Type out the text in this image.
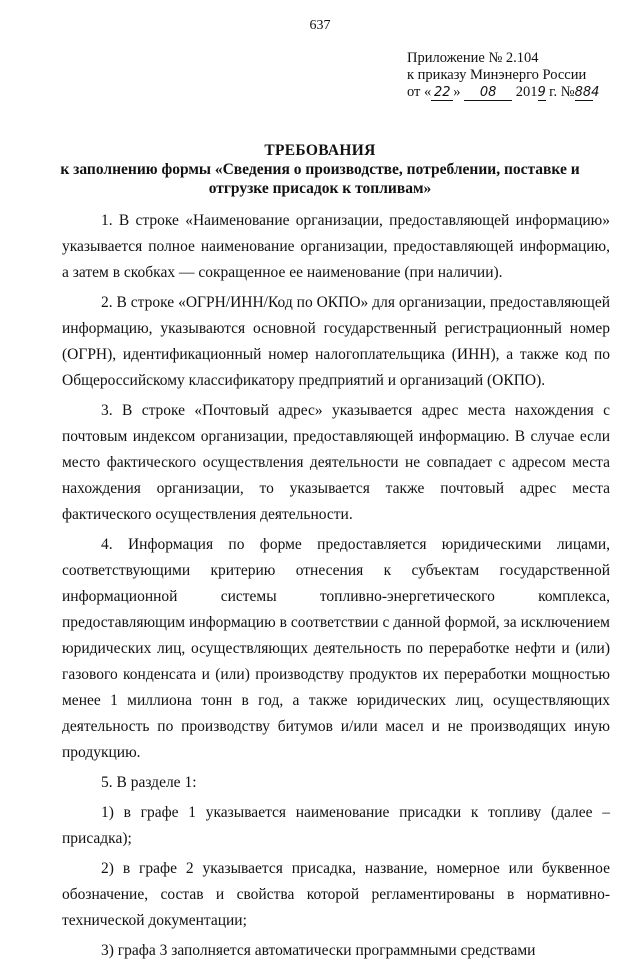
637
Приложение № 2.104
к приказу Минэнерго России
от « 22 » 08 2019 г. №884
ТРЕБОВАНИЯ
к заполнению формы «Сведения о производстве, потреблении, поставке и
отгрузке присадок к топливам»

1. В строке «Наименование организации, предоставляющей информацию» указывается полное наименование организации, предоставляющей информацию, а затем в скобках — сокращенное ее наименование (при наличии).

2. В строке «ОГРН/ИНН/Код по ОКПО» для организации, предоставляющей информацию, указываются основной государственный регистрационный номер (ОГРН), идентификационный номер налогоплательщика (ИНН), а также код по Общероссийскому классификатору предприятий и организаций (ОКПО).

3. В строке «Почтовый адрес» указывается адрес места нахождения с почтовым индексом организации, предоставляющей информацию. В случае если место фактического осуществления деятельности не совпадает с адресом места нахождения организации, то указывается также почтовый адрес места фактического осуществления деятельности.

4. Информация по форме предоставляется юридическими лицами, соответствующими критерию отнесения к субъектам государственной информационной системы топливно-энергетического комплекса, предоставляющим информацию в соответствии с данной формой, за исключением юридических лиц, осуществляющих деятельность по переработке нефти и (или) газового конденсата и (или) производству продуктов их переработки мощностью менее 1 миллиона тонн в год, а также юридических лиц, осуществляющих деятельность по производству битумов и/или масел и не производящих иную продукцию.

5. В разделе 1:

1) в графе 1 указывается наименование присадки к топливу (далее – присадка);

2) в графе 2 указывается присадка, название, номерное или буквенное обозначение, состав и свойства которой регламентированы в нормативно-технической документации;

3) графа 3 заполняется автоматически программными средствами
